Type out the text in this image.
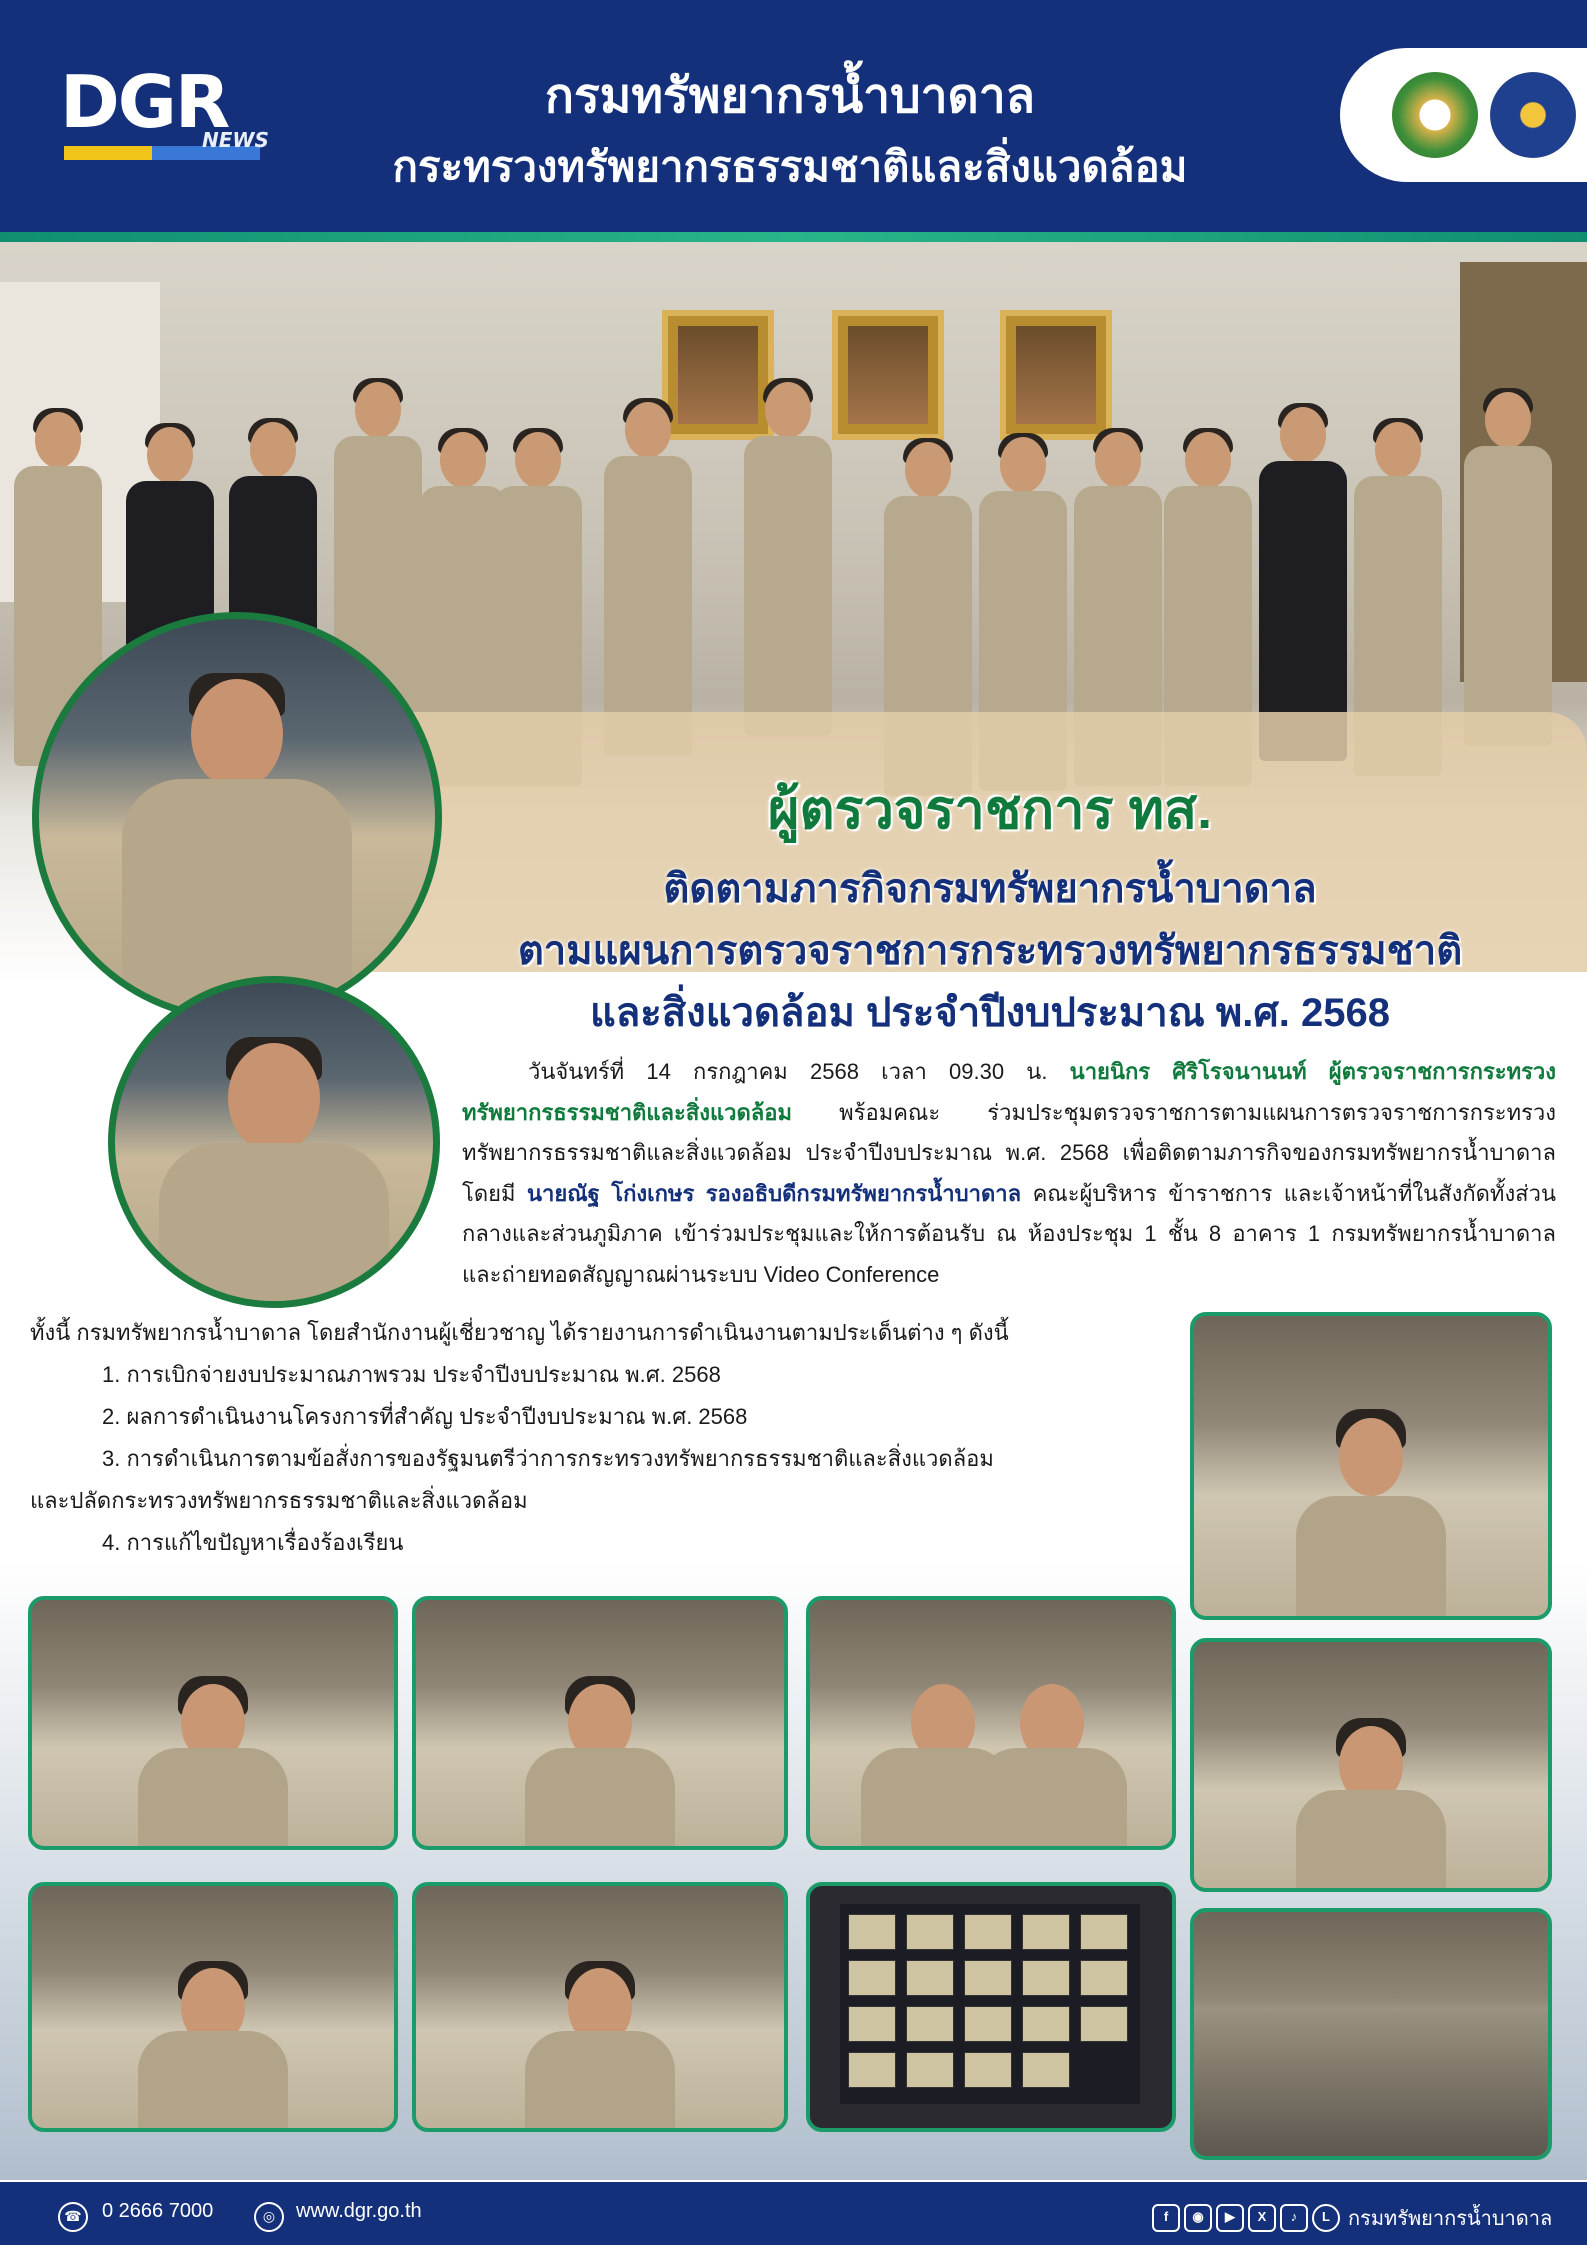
DGR
NEWS
กรมทรัพยากรน้ำบาดาล
กระทรวงทรัพยากรธรรมชาติและสิ่งแวดล้อม
ผู้ตรวจราชการ ทส.
ติดตามภารกิจกรมทรัพยากรน้ำบาดาล
ตามแผนการตรวจราชการกระทรวงทรัพยากรธรรมชาติ
และสิ่งแวดล้อม ประจำปีงบประมาณ พ.ศ. 2568
วันจันทร์ที่ 14 กรกฎาคม 2568 เวลา 09.30 น. นายนิกร ศิริโรจนานนท์ ผู้ตรวจราชการกระทรวงทรัพยากรธรรมชาติและสิ่งแวดล้อม พร้อมคณะ ร่วมประชุมตรวจราชการตามแผนการตรวจราชการกระทรวงทรัพยากรธรรมชาติและสิ่งแวดล้อม ประจำปีงบประมาณ พ.ศ. 2568 เพื่อติดตามภารกิจของกรมทรัพยากรน้ำบาดาล โดยมี นายณัฐ โก่งเกษร รองอธิบดีกรมทรัพยากรน้ำบาดาล คณะผู้บริหาร ข้าราชการ และเจ้าหน้าที่ในสังกัดทั้งส่วนกลางและส่วนภูมิภาค เข้าร่วมประชุมและให้การต้อนรับ ณ ห้องประชุม 1 ชั้น 8 อาคาร 1 กรมทรัพยากรน้ำบาดาล และถ่ายทอดสัญญาณผ่านระบบ Video Conference
ทั้งนี้ กรมทรัพยากรน้ำบาดาล โดยสำนักงานผู้เชี่ยวชาญ ได้รายงานการดำเนินงานตามประเด็นต่าง ๆ ดังนี้
1. การเบิกจ่ายงบประมาณภาพรวม ประจำปีงบประมาณ พ.ศ. 2568
2. ผลการดำเนินงานโครงการที่สำคัญ ประจำปีงบประมาณ พ.ศ. 2568
3. การดำเนินการตามข้อสั่งการของรัฐมนตรีว่าการกระทรวงทรัพยากรธรรมชาติและสิ่งแวดล้อม
และปลัดกระทรวงทรัพยากรธรรมชาติและสิ่งแวดล้อม
4. การแก้ไขปัญหาเรื่องร้องเรียน
☎	0 2666 7000	◎	www.dgr.go.th	f	◉	▶	X	♪	L กรมทรัพยากรน้ำบาดาล
